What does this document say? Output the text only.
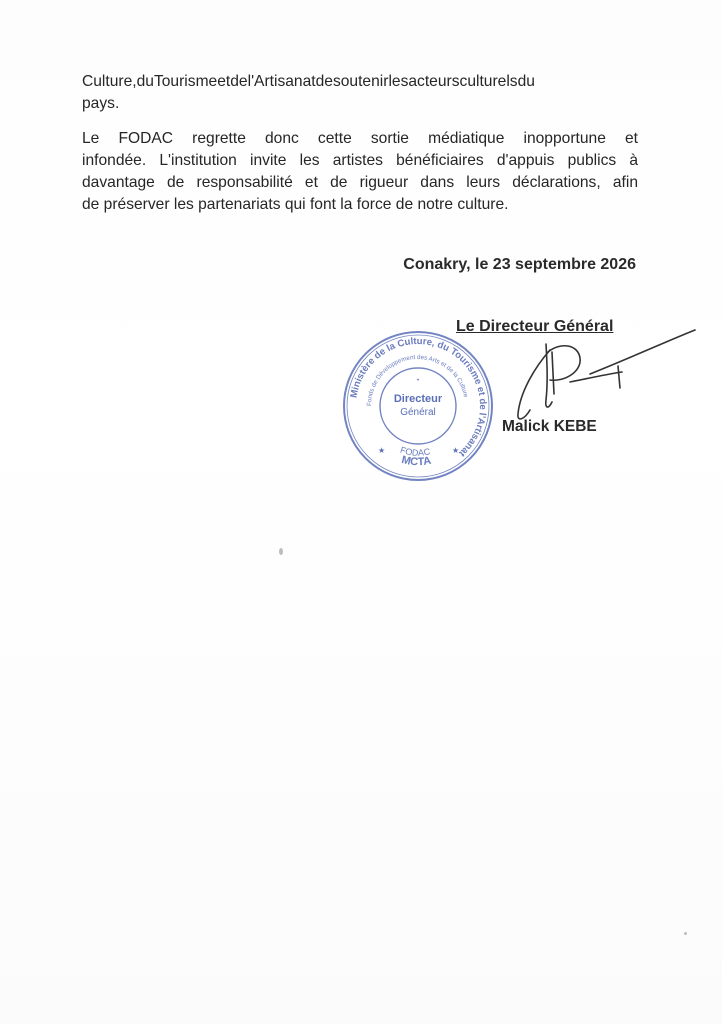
Culture,duTourismeetdel'Artisanatdesoutenirlesacteursculturelsdu
pays.
Le FODAC regrette donc cette sortie médiatique inopportune et
infondée. L'institution invite les artistes bénéficiaires d'appuis publics à
davantage de responsabilité et de rigueur dans leurs déclarations, afin
de préserver les partenariats qui font la force de notre culture.
Conakry, le 23 septembre 2026
Le Directeur Général
Ministère de la Culture, du Tourisme et de l'Artisanat
Fonds de Développement des Arts et de la Culture
FODAC
MCTA
Directeur
Général
•
★	★
Malick KEBE
